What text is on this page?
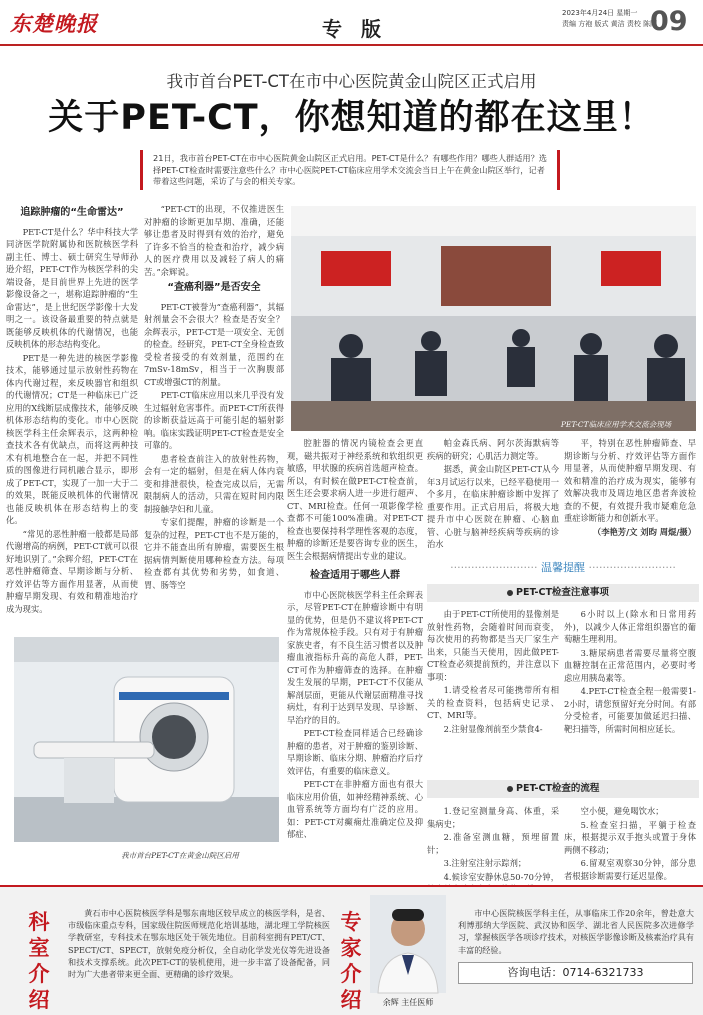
东楚晚报	专 版
2023年4月24日 星期一
责编 方袍 版式 黄洁 责校 陈刚
09
我市首台PET-CT在市中心医院黄金山院区正式启用
关于PET-CT，你想知道的都在这里！
21日，我市首台PET-CT在市中心医院黄金山院区正式启用。PET-CT是什么？有哪些作用？哪些人群适用？选择PET-CT检查时需要注意些什么？市中心医院PET-CT临床应用学术交流会当日上午在黄金山院区举行，记者带着这些问题，采访了与会的相关专家。
追踪肿瘤的“生命雷达”

PET-CT是什么？华中科技大学同济医学院附属协和医院核医学科副主任、博士、硕士研究生导师孙逊介绍，PET-CT作为核医学科的尖端设备，是目前世界上先进的医学影像设备之一，堪称追踪肿瘤的“生命雷达”，是上世纪医学影像十大发明之一。该设备最重要的特点就是既能够反映机体的代谢情况，也能反映机体的形态结构变化。

PET是一种先进的核医学影像技术，能够通过显示放射性药物在体内代谢过程，来反映器官和组织的代谢情况；CT是一种临床已广泛应用的X线断层成像技术，能够反映机体形态结构的变化。市中心医院核医学科主任余辉表示，这两种检查技术各有优缺点，而将这两种技术有机地整合在一起，并把不同性质的图像进行同机融合显示，即形成了PET-CT，实现了一加一大于二的效果，既能反映机体的代谢情况也能反映机体在形态结构上的变化。

“常见的恶性肿瘤一般都是局部代谢增高的病例，PET-CT就可以很好地识别了。”余辉介绍，PET-CT在恶性肿瘤筛查、早期诊断与分析、疗效评估等方面作用显著，从而使肿瘤早期发现、有效和精准地治疗成为现实。

“PET-CT的出现，不仅推进医生对肿瘤的诊断更加早期、准确，还能够让患者及时得到有效的治疗，避免了许多不恰当的检查和治疗，减少病人的医疗费用以及减轻了病人的痛苦。”余辉说。

“查癌利器”是否安全

PET-CT被誉为“查癌利器”，其辐射剂量会不会很大？检查是否安全？余辉表示，PET-CT是一项安全、无创的检查。经研究，PET-CT全身检查致受检者接受的有效剂量，范围约在7mSv-18mSv，相当于一次胸腹部CT或增强CT的剂量。

PET-CT临床应用以来几乎没有发生过辐射危害事件。而PET-CT所获得的诊断获益远高于可能引起的辐射影响。临床实践证明PET-CT检查是安全可靠的。

患者检查前注入的放射性药物，会有一定的辐射，但是在病人体内衰变和排泄很快，检查完成以后，无需限制病人的活动，只需在短时间内限制接触孕妇和儿童。

专家们提醒，肿瘤的诊断是一个复杂的过程，PET-CT也不是万能的，它并不能查出所有肿瘤，需要医生根据病情判断使用哪种检查方法。每项检查都有其优势和劣势，如食道、胃、肠等空

PET-CT临床应用学术交流会现场

腔脏器的情况内镜检查会更直观，磁共振对于神经系统和软组织更敏感，甲状腺的疾病首选超声检查。所以，有时候在做PET-CT检查前，医生还会要求病人进一步进行超声、CT、MRI检查。任何一项影像学检查都不可能100%准确。对PET-CT检查也要保持科学理性客观的态度，肿瘤的诊断还是要咨询专业的医生，医生会根据病情提出专业的建议。

检查适用于哪些人群

市中心医院核医学科主任余辉表示，尽管PET-CT在肿瘤诊断中有明显的优势，但是仍不建议将PET-CT作为常规体检手段。只有对于有肿瘤家族史者，有不良生活习惯者以及肿瘤血液指标升高的高危人群，PET-CT可作为肿瘤筛查的选择。在肿瘤发生发展的早期，PET-CT不仅能从解剖层面，更能从代谢层面精准寻找病灶，有利于达到早发现、早诊断、早治疗的目的。

PET-CT检查同样适合已经确诊肿瘤的患者，对于肿瘤的鉴别诊断、早期诊断、临床分期、肿瘤治疗后疗效评估，有重要的临床意义。

PET-CT在非肿瘤方面也有很大临床应用价值，如神经精神系统、心血管系统等方面均有广泛的应用。如：PET-CT对癫痫灶准确定位及抑郁症、

帕金森氏病、阿尔茨海默病等疾病的研究；心肌活力测定等。

据悉，黄金山院区PET-CT从今年3月试运行以来，已经平稳使用一个多月，在临床肿瘤诊断中发挥了重要作用。正式启用后，将极大地提升市中心医院在肿瘤、心脑血管、心脏与脑神经疾病等疾病的诊治水

平，特别在恶性肿瘤筛查、早期诊断与分析、疗效评估等方面作用显著，从而使肿瘤早期发现、有效和精准的治疗成为现实，能够有效解决我市及周边地区患者奔波检查的不便，有效提升我市疑难危急重症诊断能力和创新水平。

（李艳芳/文 刘昀 周焜/摄）
我市首台PET-CT在黄金山院区启用
························· 温馨提醒 ·························
PET-CT检查注意事项

由于PET-CT所使用的显像剂是放射性药物，会随着时间而衰变，每次使用的药物都是当天厂家生产出来，只能当天使用，因此做PET-CT检查必须提前预约，并注意以下事项：

1.请受检者尽可能携带所有相关的检查资料，包括病史记录、CT、MRI等。

2.注射显像剂前至少禁食4-

6小时以上(除水和日常用药外)，以减少人体正常组织器官的葡萄糖生理利用。

3.糖尿病患者需要尽量将空腹血糖控制在正常范围内，必要时考虑应用胰岛素等。

4.PET-CT检查全程一般需要1-2小时，请您预留好充分时间。有部分受检者，可能要加做延迟扫描、靶扫描等，所需时间相应延长。

PET-CT检查的流程

1.登记室测量身高、体重，采集病史；

2.准备室测血糖，预埋留置针；

3.注射室注射示踪剂；

4.候诊室安静休息50-70分钟，

空小便，避免喝饮水；

5.检查室扫描，平躺于检查床，根据提示双手抱头或置于身体两侧不移动；

6.留观室观察30分钟，部分患者根据诊断需要行延迟显像。

科室介绍

黄石市中心医院核医学科是鄂东南地区较早成立的核医学科，是省、市级临床重点专科，国家级住院医师规范化培训基地，湖北理工学院核医学教研室，专科技术在鄂东地区处于领先地位。目前科室拥有PET/CT、SPECT/CT、SPECT，放射免疫分析仪，全自动化学发光仪等先进设备和技术支撑系统。此次PET-CT的装机使用，进一步丰富了设备配备，同时为广大患者带来更全面、更精确的诊疗效果。

专家介绍	余辉 主任医师

市中心医院核医学科主任，从事临床工作20余年，曾赴意大利博那纳大学医院、武汉协和医学、湖北省人民医院多次进修学习，掌握核医学各项诊疗技术，对核医学影像诊断及核素治疗具有丰富的经验。

咨询电话：0714-6321733
